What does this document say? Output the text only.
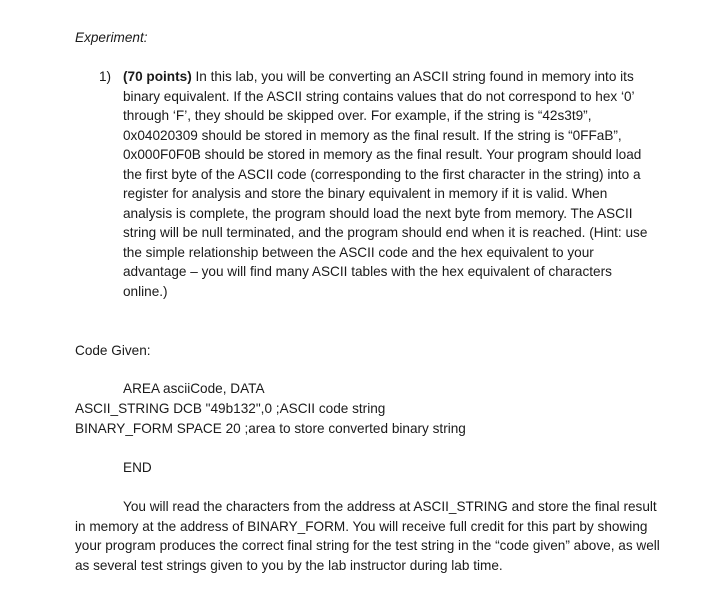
Experiment:
1) (70 points) In this lab, you will be converting an ASCII string found in memory into its binary equivalent. If the ASCII string contains values that do not correspond to hex ‘0’ through ‘F’, they should be skipped over. For example, if the string is “42s3t9”, 0x04020309 should be stored in memory as the final result. If the string is “0FFaB”, 0x000F0F0B should be stored in memory as the final result. Your program should load the first byte of the ASCII code (corresponding to the first character in the string) into a register for analysis and store the binary equivalent in memory if it is valid. When analysis is complete, the program should load the next byte from memory. The ASCII string will be null terminated, and the program should end when it is reached. (Hint: use the simple relationship between the ASCII code and the hex equivalent to your advantage – you will find many ASCII tables with the hex equivalent of characters online.)
Code Given:
AREA asciiCode, DATA
ASCII_STRING DCB "49b132",0 ;ASCII code string
BINARY_FORM SPACE 20 ;area to store converted binary string
END
You will read the characters from the address at ASCII_STRING and store the final result in memory at the address of BINARY_FORM. You will receive full credit for this part by showing your program produces the correct final string for the test string in the “code given” above, as well as several test strings given to you by the lab instructor during lab time.
